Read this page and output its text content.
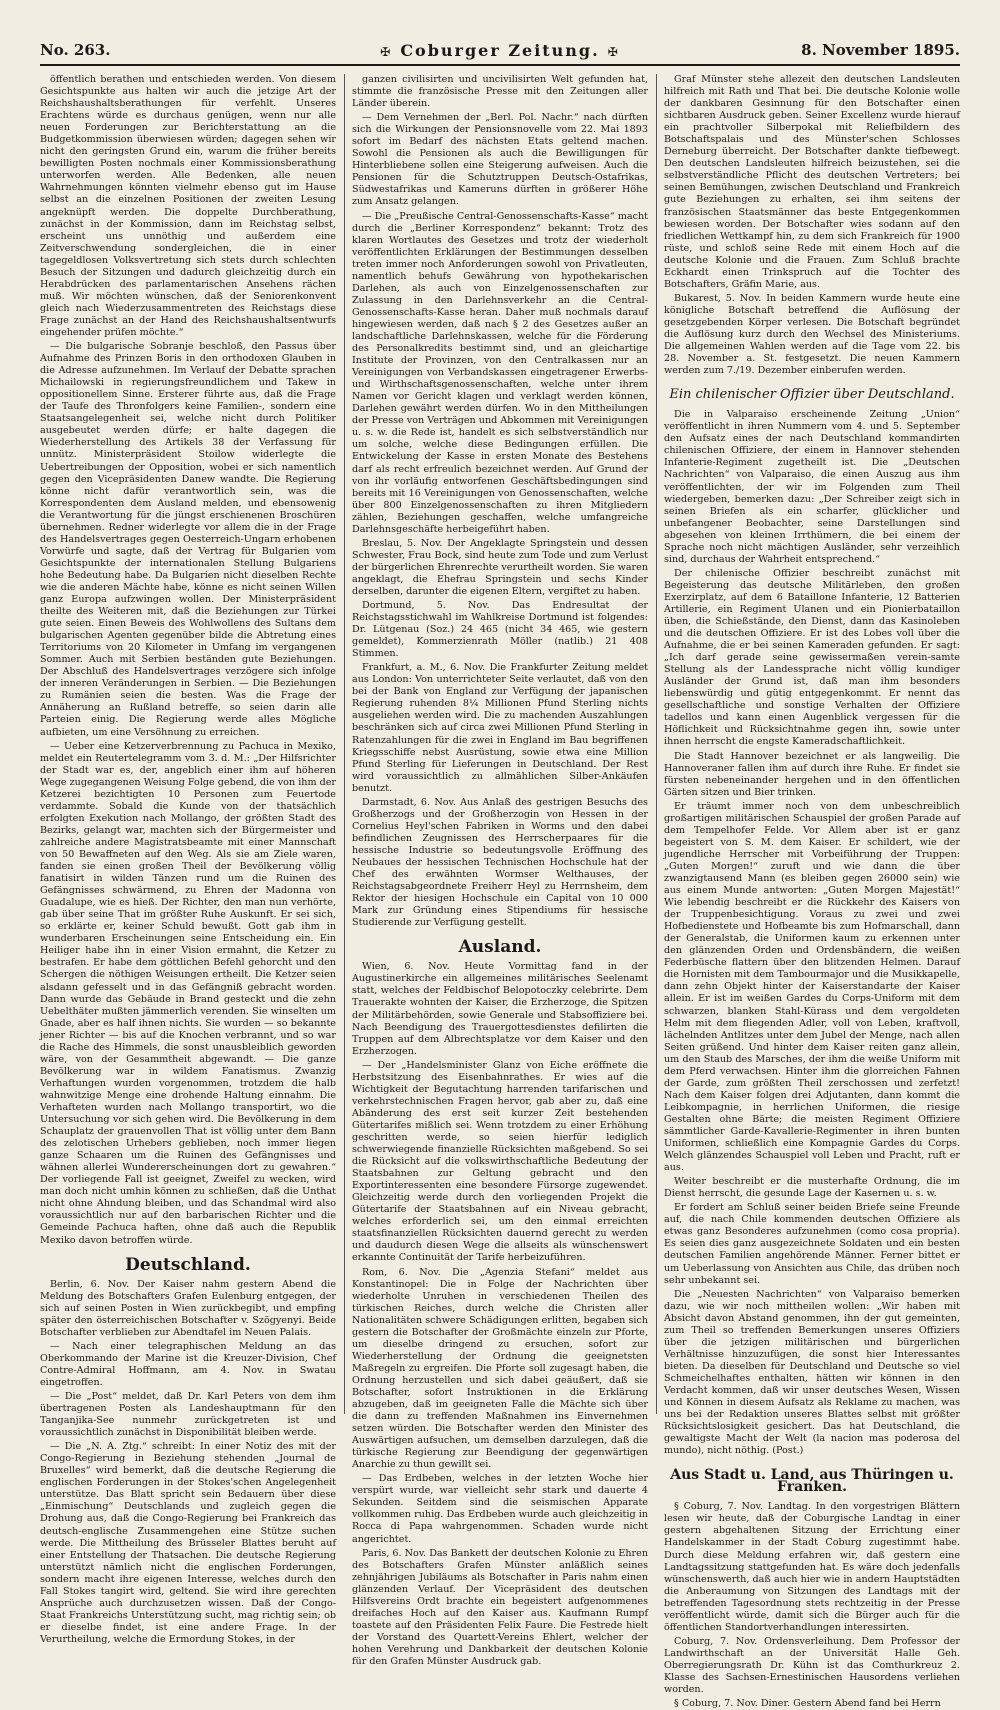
No. 263.
✠	Coburger Zeitung. ✠	8. November 1895.

öffentlich berathen und entschieden werden. Von diesem Gesichtspunkte aus halten wir auch die jetzige Art der Reichshaushaltsberathungen für verfehlt. Unseres Erachtens würde es durchaus genügen, wenn nur alle neuen Forderungen zur Berichterstattung an die Budgetkommission überwiesen würden; dagegen sehen wir nicht den geringsten Grund ein, warum die früher bereits bewilligten Posten nochmals einer Kommissionsberathung unterworfen werden. Alle Bedenken, alle neuen Wahrnehmungen könnten vielmehr ebenso gut im Hause selbst an die einzelnen Positionen der zweiten Lesung angeknüpft werden. Die doppelte Durchberathung, zunächst in der Kommission, dann im Reichstag selbst, erscheint uns unnöthig und außerdem eine Zeitverschwendung sondergleichen, die in einer tagegeldlosen Volksvertretung sich stets durch schlechten Besuch der Sitzungen und dadurch gleichzeitig durch ein Herabdrücken des parlamentarischen Ansehens rächen muß. Wir möchten wünschen, daß der Seniorenkonvent gleich nach Wiederzusammentreten des Reichstags diese Frage zunächst an der Hand des Reichshaushaltsentwurfs eingehender prüfen möchte.“

— Die bulgarische Sobranje beschloß, den Passus über Aufnahme des Prinzen Boris in den orthodoxen Glauben in die Adresse aufzunehmen. Im Verlauf der Debatte sprachen Michailowski in regierungsfreundlichem und Takew in oppositionellem Sinne. Ersterer führte aus, daß die Frage der Taufe des Thronfolgers keine Familien-, sondern eine Staatsangelegenheit sei, welche nicht durch Politiker ausgebeutet werden dürfe; er halte dagegen die Wiederherstellung des Artikels 38 der Verfassung für unnütz. Ministerpräsident Stoilow widerlegte die Uebertreibungen der Opposition, wobei er sich namentlich gegen den Vicepräsidenten Danew wandte. Die Regierung könne nicht dafür verantwortlich sein, was die Korrespondenten dem Ausland melden, und ebensowenig die Verantwortung für die jüngst erschienenen Broschüren übernehmen. Redner widerlegte vor allem die in der Frage des Handelsvertrages gegen Oesterreich-Ungarn erhobenen Vorwürfe und sagte, daß der Vertrag für Bulgarien vom Gesichtspunkte der internationalen Stellung Bulgariens hohe Bedeutung habe. Da Bulgarien nicht dieselben Rechte wie die anderen Mächte habe, könne es nicht seinen Willen ganz Europa aufzwingen wollen. Der Ministerpräsident theilte des Weiteren mit, daß die Beziehungen zur Türkei gute seien. Einen Beweis des Wohlwollens des Sultans dem bulgarischen Agenten gegenüber bilde die Abtretung eines Territoriums von 20 Kilometer in Umfang im vergangenen Sommer. Auch mit Serbien beständen gute Beziehungen. Der Abschluß des Handelsvertrages verzögere sich infolge der inneren Veränderungen in Serbien. — Die Beziehungen zu Rumänien seien die besten. Was die Frage der Annäherung an Rußland betreffe, so seien darin alle Parteien einig. Die Regierung werde alles Mögliche aufbieten, um eine Versöhnung zu erreichen.

— Ueber eine Ketzerverbrennung zu Pachuca in Mexiko, meldet ein Reutertelegramm vom 3. d. M.: „Der Hilfsrichter der Stadt war es, der, angeblich einer ihm auf höheren Wege zugegangenen Weisung Folge gebend, die von ihm der Ketzerei bezichtigten 10 Personen zum Feuertode verdammte. Sobald die Kunde von der thatsächlich erfolgten Exekution nach Mollango, der größten Stadt des Bezirks, gelangt war, machten sich der Bürgermeister und zahlreiche andere Magistratsbeamte mit einer Mannschaft von 50 Bewaffneten auf den Weg. Als sie am Ziele waren, fanden sie einen großen Theil der Bevölkerung völlig fanatisirt in wilden Tänzen rund um die Ruinen des Gefängnisses schwärmend, zu Ehren der Madonna von Guadalupe, wie es hieß. Der Richter, den man nun verhörte, gab über seine That im größter Ruhe Auskunft. Er sei sich, so erklärte er, keiner Schuld bewußt. Gott gab ihm in wunderbaren Erscheinungen seine Entscheidung ein. Ein Heiliger habe ihn in einer Vision ermahnt, die Ketzer zu bestrafen. Er habe dem göttlichen Befehl gehorcht und den Schergen die nöthigen Weisungen ertheilt. Die Ketzer seien alsdann gefesselt und in das Gefängniß gebracht worden. Dann wurde das Gebäude in Brand gesteckt und die zehn Uebelthäter mußten jämmerlich verenden. Sie winselten um Gnade, aber es half ihnen nichts. Sie wurden — so bekannte jener Richter — bis auf die Knochen verbrannt, und so war die Rache des Himmels, die sonst unausbleiblich geworden wäre, von der Gesammtheit abgewandt. — Die ganze Bevölkerung war in wildem Fanatismus. Zwanzig Verhaftungen wurden vorgenommen, trotzdem die halb wahnwitzige Menge eine drohende Haltung einnahm. Die Verhafteten wurden nach Mollango transportirt, wo die Untersuchung vor sich gehen wird. Die Bevölkerung in dem Schauplatz der grauenvollen That ist völlig unter dem Bann des zelotischen Urhebers geblieben, noch immer liegen ganze Schaaren um die Ruinen des Gefängnisses und wähnen allerlei Wundererscheinungen dort zu gewahren.“ Der vorliegende Fall ist geeignet, Zweifel zu wecken, wird man doch nicht umhin können zu schließen, daß die Unthat nicht ohne Ahndung bleiben, und das Schandmal wird also voraussichtlich nur auf den barbarischen Richter und die Gemeinde Pachuca haften, ohne daß auch die Republik Mexiko davon betroffen würde.

Deutschland.

Berlin, 6. Nov. Der Kaiser nahm gestern Abend die Meldung des Botschafters Grafen Eulenburg entgegen, der sich auf seinen Posten in Wien zurückbegibt, und empfing später den österreichischen Botschafter v. Szögyenyi. Beide Botschafter verblieben zur Abendtafel im Neuen Palais.

— Nach einer telegraphischen Meldung an das Oberkommando der Marine ist die Kreuzer-Division, Chef Contre-Admiral Hoffmann, am 4. Nov. in Swatau eingetroffen.

— Die „Post“ meldet, daß Dr. Karl Peters von dem ihm übertragenen Posten als Landeshauptmann für den Tanganjika-See nunmehr zurückgetreten ist und voraussichtlich zunächst in Disponibilität bleiben werde.

— Die „N. A. Ztg.“ schreibt: In einer Notiz des mit der Congo-Regierung in Beziehung stehenden „Journal de Bruxelles“ wird bemerkt, daß die deutsche Regierung die englischen Forderungen in der Stokes'schen Angelegenheit unterstütze. Das Blatt spricht sein Bedauern über diese „Einmischung“ Deutschlands und zugleich gegen die Drohung aus, daß die Congo-Regierung bei Frankreich das deutsch-englische Zusammengehen eine Stütze suchen werde. Die Mittheilung des Brüsseler Blattes beruht auf einer Entstellung der Thatsachen. Die deutsche Regierung unterstützt nämlich nicht die englischen Forderungen, sondern macht ihre eigenen Interesse, welches durch den Fall Stokes tangirt wird, geltend. Sie wird ihre gerechten Ansprüche auch durchzusetzen wissen. Daß der Congo-Staat Frankreichs Unterstützung sucht, mag richtig sein; ob er dieselbe findet, ist eine andere Frage. In der Verurtheilung, welche die Ermordung Stokes, in der

ganzen civilisirten und uncivilisirten Welt gefunden hat, stimmte die französische Presse mit den Zeitungen aller Länder überein.

— Dem Vernehmen der „Berl. Pol. Nachr.“ nach dürften sich die Wirkungen der Pensionsnovelle vom 22. Mai 1893 sofort im Bedarf des nächsten Etats geltend machen. Sowohl die Pensionen als auch die Bewilligungen für Hinterbliebene sollen eine Steigerung aufweisen. Auch die Pensionen für die Schutztruppen Deutsch-Ostafrikas, Südwestafrikas und Kameruns dürften in größerer Höhe zum Ansatz gelangen.

— Die „Preußische Central-Genossenschafts-Kasse“ macht durch die „Berliner Korrespondenz“ bekannt: Trotz des klaren Wortlautes des Gesetzes und trotz der wiederholt veröffentlichten Erklärungen der Bestimmungen desselben treten immer noch Anforderungen sowohl von Privatleuten, namentlich behufs Gewährung von hypothekarischen Darlehen, als auch von Einzelgenossenschaften zur Zulassung in den Darlehnsverkehr an die Central-Genossenschafts-Kasse heran. Daher muß nochmals darauf hingewiesen werden, daß nach § 2 des Gesetzes außer an landschaftliche Darlehnskassen, welche für die Förderung des Personalkredits bestimmt sind, und an gleichartige Institute der Provinzen, von den Centralkassen nur an Vereinigungen von Verbandskassen eingetragener Erwerbs- und Wirthschaftsgenossenschaften, welche unter ihrem Namen vor Gericht klagen und verklagt werden können, Darlehen gewährt werden dürfen. Wo in den Mittheilungen der Presse von Verträgen und Abkommen mit Vereinigungen u. s. w. die Rede ist, handelt es sich selbstverständlich nur um solche, welche diese Bedingungen erfüllen. Die Entwickelung der Kasse in ersten Monate des Bestehens darf als recht erfreulich bezeichnet werden. Auf Grund der von ihr vorläufig entworfenen Geschäftsbedingungen sind bereits mit 16 Vereinigungen von Genossenschaften, welche über 800 Einzelgenossenschaften zu ihren Mitgliedern zählen, Beziehungen geschaffen, welche umfangreiche Darlehnsgeschäfte herbeigeführt haben.

Breslau, 5. Nov. Der Angeklagte Springstein und dessen Schwester, Frau Bock, sind heute zum Tode und zum Verlust der bürgerlichen Ehrenrechte verurtheilt worden. Sie waren angeklagt, die Ehefrau Springstein und sechs Kinder derselben, darunter die eigenen Eltern, vergiftet zu haben.

Dortmund, 5. Nov. Das Endresultat der Reichstagsstichwahl im Wahlkreise Dortmund ist folgendes: Dr. Lütgenau (Soz.) 24 465 (nicht 34 465, wie gestern gemeldet), Kommerzienrath Möller (natlib.) 21 408 Stimmen.

Frankfurt, a. M., 6. Nov. Die Frankfurter Zeitung meldet aus London: Von unterrichteter Seite verlautet, daß von den bei der Bank von England zur Verfügung der japanischen Regierung ruhenden 8¼ Millionen Pfund Sterling nichts ausgeliehen werden wird. Die zu machenden Auszahlungen beschränken sich auf circa zwei Millionen Pfund Sterling in Ratenzahlungen für die zwei in England im Bau begriffenen Kriegsschiffe nebst Ausrüstung, sowie etwa eine Million Pfund Sterling für Lieferungen in Deutschland. Der Rest wird voraussichtlich zu allmählichen Silber-Ankäufen benutzt.

Darmstadt, 6. Nov. Aus Anlaß des gestrigen Besuchs des Großherzogs und der Großherzogin von Hessen in der Cornelius Heyl'schen Fabriken in Worms und den dabei befindlichen Zeugnissen des Herrscherpaares für die hessische Industrie so bedeutungsvolle Eröffnung des Neubaues der hessischen Technischen Hochschule hat der Chef des erwähnten Wormser Welthauses, der Reichstagsabgeordnete Freiherr Heyl zu Herrnsheim, dem Rektor der hiesigen Hochschule ein Capital von 10 000 Mark zur Gründung eines Stipendiums für hessische Studierende zur Verfügung gestellt.

Ausland.

Wien, 6. Nov. Heute Vormittag fand in der Augustinerkirche ein allgemeines militärisches Seelenamt statt, welches der Feldbischof Belopotoczky celebrirte. Dem Trauerakte wohnten der Kaiser, die Erzherzoge, die Spitzen der Militärbehörden, sowie Generale und Stabsoffiziere bei. Nach Beendigung des Trauergottesdienstes defilirten die Truppen auf dem Albrechtsplatze vor dem Kaiser und den Erzherzogen.

— Der „Handelsminister Glanz von Eiche eröffnete die Herbstsitzung des Eisenbahnrathes. Er wies auf die Wichtigkeit der Begutachtung harrenden tarifarischen und verkehrstechnischen Fragen hervor, gab aber zu, daß eine Abänderung des erst seit kurzer Zeit bestehenden Gütertarifes mißlich sei. Wenn trotzdem zu einer Erhöhung geschritten werde, so seien hierfür lediglich schwerwiegende finanzielle Rücksichten maßgebend. So sei die Rücksicht auf die volkswirthschaftliche Bedeutung der Staatsbahnen zur Geltung gebracht und den Exportinteressenten eine besondere Fürsorge zugewendet. Gleichzeitig werde durch den vorliegenden Projekt die Gütertarife der Staatsbahnen auf ein Niveau gebracht, welches erforderlich sei, um den einmal erreichten staatsfinanziellen Rücksichten dauernd gerecht zu werden und daudurch diesen Wege die allseits als wünschenswert erkannte Continuität der Tarife herbeizuführen.

Rom, 6. Nov. Die „Agenzia Stefani“ meldet aus Konstantinopel: Die in Folge der Nachrichten über wiederholte Unruhen in verschiedenen Theilen des türkischen Reiches, durch welche die Christen aller Nationalitäten schwere Schädigungen erlitten, begaben sich gestern die Botschafter der Großmächte einzeln zur Pforte, um dieselbe dringend zu ersuchen, sofort zur Wiederherstellung der Ordnung die geeignetsten Maßregeln zu ergreifen. Die Pforte soll zugesagt haben, die Ordnung herzustellen und sich dabei geäußert, daß sie Botschafter, sofort Instruktionen in die Erklärung abzugeben, daß im geeigneten Falle die Mächte sich über die dann zu treffenden Maßnahmen ins Einvernehmen setzen würden. Die Botschafter werden den Minister des Auswärtigen aufsuchen, um demselben darzulegen, daß die türkische Regierung zur Beendigung der gegenwärtigen Anarchie zu thun gewillt sei.

— Das Erdbeben, welches in der letzten Woche hier verspürt wurde, war vielleicht sehr stark und dauerte 4 Sekunden. Seitdem sind die seismischen Apparate vollkommen ruhig. Das Erdbeben wurde auch gleichzeitig in Rocca di Papa wahrgenommen. Schaden wurde nicht angerichtet.

Paris, 6. Nov. Das Bankett der deutschen Kolonie zu Ehren des Botschafters Grafen Münster anläßlich seines zehnjährigen Jubiläums als Botschafter in Paris nahm einen glänzenden Verlauf. Der Vicepräsident des deutschen Hilfsvereins Ordt brachte ein begeistert aufgenommenes dreifaches Hoch auf den Kaiser aus. Kaufmann Rumpf toastete auf den Präsidenten Felix Faure. Die Festrede hielt der Vorstand des Quartett-Vereins Ehlert, welcher der hohen Verehrung und Dankbarkeit der deutschen Kolonie für den Grafen Münster Ausdruck gab.

Graf Münster stehe allezeit den deutschen Landsleuten hilfreich mit Rath und That bei. Die deutsche Kolonie wolle der dankbaren Gesinnung für den Botschafter einen sichtbaren Ausdruck geben. Seiner Excellenz wurde hierauf ein prachtvoller Silberpokal mit Reliefbildern des Botschaftspalais und des Münster'schen Schlosses Derneburg überreicht. Der Botschafter dankte tiefbewegt. Den deutschen Landsleuten hilfreich beizustehen, sei die selbstverständliche Pflicht des deutschen Vertreters; bei seinen Bemühungen, zwischen Deutschland und Frankreich gute Beziehungen zu erhalten, sei ihm seitens der französischen Staatsmänner das beste Entgegenkommen bewiesen worden. Der Botschafter wies sodann auf den friedlichen Wettkampf hin, zu dem sich Frankreich für 1900 rüste, und schloß seine Rede mit einem Hoch auf die deutsche Kolonie und die Frauen. Zum Schluß brachte Eckhardt einen Trinkspruch auf die Tochter des Botschafters, Gräfin Marie, aus.

Bukarest, 5. Nov. In beiden Kammern wurde heute eine königliche Botschaft betreffend die Auflösung der gesetzgebenden Körper verlesen. Die Botschaft begründet die Auflösung kurz durch den Wechsel des Ministeriums. Die allgemeinen Wahlen werden auf die Tage vom 22. bis 28. November a. St. festgesetzt. Die neuen Kammern werden zum 7./19. Dezember einberufen werden.

Ein chilenischer Offizier über Deutschland.

Die in Valparaiso erscheinende Zeitung „Union“ veröffentlicht in ihren Nummern vom 4. und 5. September den Aufsatz eines der nach Deutschland kommandirten chilenischen Offiziere, der einem in Hannover stehenden Infanterie-Regiment zugetheilt ist. Die „Deutschen Nachrichten“ von Valparaiso, die einen Auszug aus ihm veröffentlichten, der wir im Folgenden zum Theil wiedergeben, bemerken dazu: „Der Schreiber zeigt sich in seinen Briefen als ein scharfer, glücklicher und unbefangener Beobachter, seine Darstellungen sind abgesehen von kleinen Irrthümern, die bei einem der Sprache noch nicht mächtigen Ausländer, sehr verzeihlich sind, durchaus der Wahrheit entsprechend.“

Der chilenische Offizier beschreibt zunächst mit Begeisterung das deutsche Militärleben, den großen Exerzirplatz, auf dem 6 Bataillone Infanterie, 12 Batterien Artillerie, ein Regiment Ulanen und ein Pionierbataillon üben, die Schießstände, den Dienst, dann das Kasinoleben und die deutschen Offiziere. Er ist des Lobes voll über die Aufnahme, die er bei seinen Kameraden gefunden. Er sagt: „Ich darf gerade seine gewissermaßen verein-samte Stellung als der Landessprache nicht völlig kundiger Ausländer der Grund ist, daß man ihm besonders liebenswürdig und gütig entgegenkommt. Er nennt das gesellschaftliche und sonstige Verhalten der Offiziere tadellos und kann einen Augenblick vergessen für die Höflichkeit und Rücksichtnahme gegen ihn, sowie unter ihnen herrscht die engste Kameradschaftlichkeit.

Die Stadt Hannover bezeichnet er als langweilig. Die Hannoveraner fallen ihm auf durch ihre Ruhe. Er findet sie fürsten nebeneinander hergehen und in den öffentlichen Gärten sitzen und Bier trinken.

Er träumt immer noch von dem unbeschreiblich großartigen militärischen Schauspiel der großen Parade auf dem Tempelhofer Felde. Vor Allem aber ist er ganz begeistert von S. M. dem Kaiser. Er schildert, wie der jugendliche Herrscher mit Vorbeiführung der Truppen: „Guten Morgen!“ zuruft und wie dann die über zwanzigtausend Mann (es bleiben gegen 26000 sein) wie aus einem Munde antworten: „Guten Morgen Majestät!“ Wie lebendig beschreibt er die Rückkehr des Kaisers von der Truppenbesichtigung. Voraus zu zwei und zwei Hofbedienstete und Hofbeamte bis zum Hofmarschall, dann der Generalstab, die Uniformen kaum zu erkennen unter den glänzenden Orden und Ordensbändern, die weißen Federbüsche flattern über den blitzenden Helmen. Darauf die Hornisten mit dem Tambourmajor und die Musikkapelle, dann zehn Objekt hinter der Kaiserstandarte der Kaiser allein. Er ist im weißen Gardes du Corps-Uniform mit dem schwarzen, blanken Stahl-Kürass und dem vergoldeten Helm mit dem fliegenden Adler, voll von Leben, kraftvoll, lächelnden Antlitzes unter dem Jubel der Menge, nach allen Seiten grüßend. Und hinter dem Kaiser reiten ganz allein, um den Staub des Marsches, der ihm die weiße Uniform mit dem Pferd verwachsen. Hinter ihm die glorreichen Fahnen der Garde, zum größten Theil zerschossen und zerfetzt! Nach dem Kaiser folgen drei Adjutanten, dann kommt die Leibkompagnie, in herrlichen Uniformen, die riesige Gestalten ohne Bärte; die meisten Regiment Offiziere sämmtlicher Garde-Kavallerie-Regimenter in ihren bunten Uniformen, schließlich eine Kompagnie Gardes du Corps. Welch glänzendes Schauspiel voll Leben und Pracht, ruft er aus.

Weiter beschreibt er die musterhafte Ordnung, die im Dienst herrscht, die gesunde Lage der Kasernen u. s. w.

Er fordert am Schluß seiner beiden Briefe seine Freunde auf, die nach Chile kommenden deutschen Offiziere als etwas ganz Besonderes aufzunehmen (como cosa propria). Es seien dies ganz ausgezeichnete Soldaten und ein besten deutschen Familien angehörende Männer. Ferner bittet er um Ueberlassung von Ansichten aus Chile, das drüben noch sehr unbekannt sei.

Die „Neuesten Nachrichten“ von Valparaiso bemerken dazu, wie wir noch mittheilen wollen: „Wir haben mit Absicht davon Abstand genommen, ihn der gut gemeinten, zum Theil so treffenden Bemerkungen unseres Offiziers über die jetzigen militärischen und bürgerlichen Verhältnisse hinzuzufügen, die sonst hier Interessantes bieten. Da dieselben für Deutschland und Deutsche so viel Schmeichelhaftes enthalten, hätten wir können in den Verdacht kommen, daß wir unser deutsches Wesen, Wissen und Können in diesem Aufsatz als Reklame zu machen, was uns bei der Redaktion unseres Blattes selbst mit größter Rücksichtslosigkeit gesichert. Das hat Deutschland, die gewaltigste Macht der Welt (la nacion mas poderosa del mundo), nicht nöthig. (Post.)

Aus Stadt u. Land, aus Thüringen u. Franken.

§ Coburg, 7. Nov. Landtag. In den vorgestrigen Blättern lesen wir heute, daß der Coburgische Landtag in einer gestern abgehaltenen Sitzung der Errichtung einer Handelskammer in der Stadt Coburg zugestimmt habe. Durch diese Meldung erfahren wir, daß gestern eine Landtagssitzung stattgefunden hat. Es wäre doch jedenfalls wünschenswerth, daß auch hier wie in andern Hauptstädten die Anberaumung von Sitzungen des Landtags mit der betreffenden Tagesordnung stets rechtzeitig in der Presse veröffentlicht würde, damit sich die Bürger auch für die öffentlichen Standortverhandlungen interessirten.

Coburg, 7. Nov. Ordensverleihung. Dem Professor der Landwirthschaft an der Universität Halle Geh. Oberregierungsrath Dr. Kühn ist das Comthurkreuz 2. Klasse des Sachsen-Ernestinischen Hausordens verliehen worden.

§ Coburg, 7. Nov. Diner. Gestern Abend fand bei Herrn
